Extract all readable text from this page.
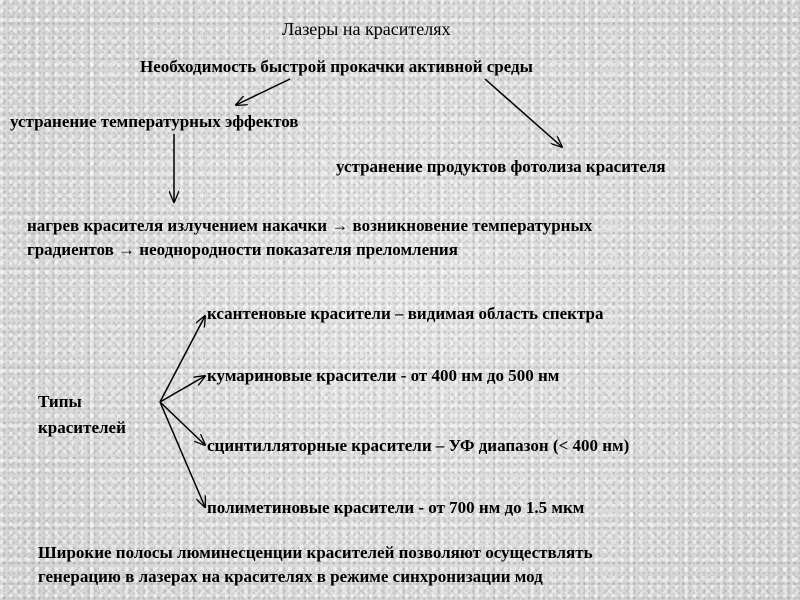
Лазеры на красителях
Необходимость быстрой прокачки активной среды
устранение температурных эффектов
устранение продуктов фотолиза красителя
нагрев красителя излучением накачки → возникновение температурных
градиентов → неоднородности показателя преломления
Типы
красителей
ксантеновые красители – видимая область спектра
кумариновые красители - от 400 нм до 500 нм
сцинтилляторные красители – УФ диапазон (< 400 нм)
полиметиновые красители - от 700 нм до 1.5 мкм
Широкие полосы люминесценции красителей позволяют осуществлять
генерацию в лазерах на красителях в режиме синхронизации мод
